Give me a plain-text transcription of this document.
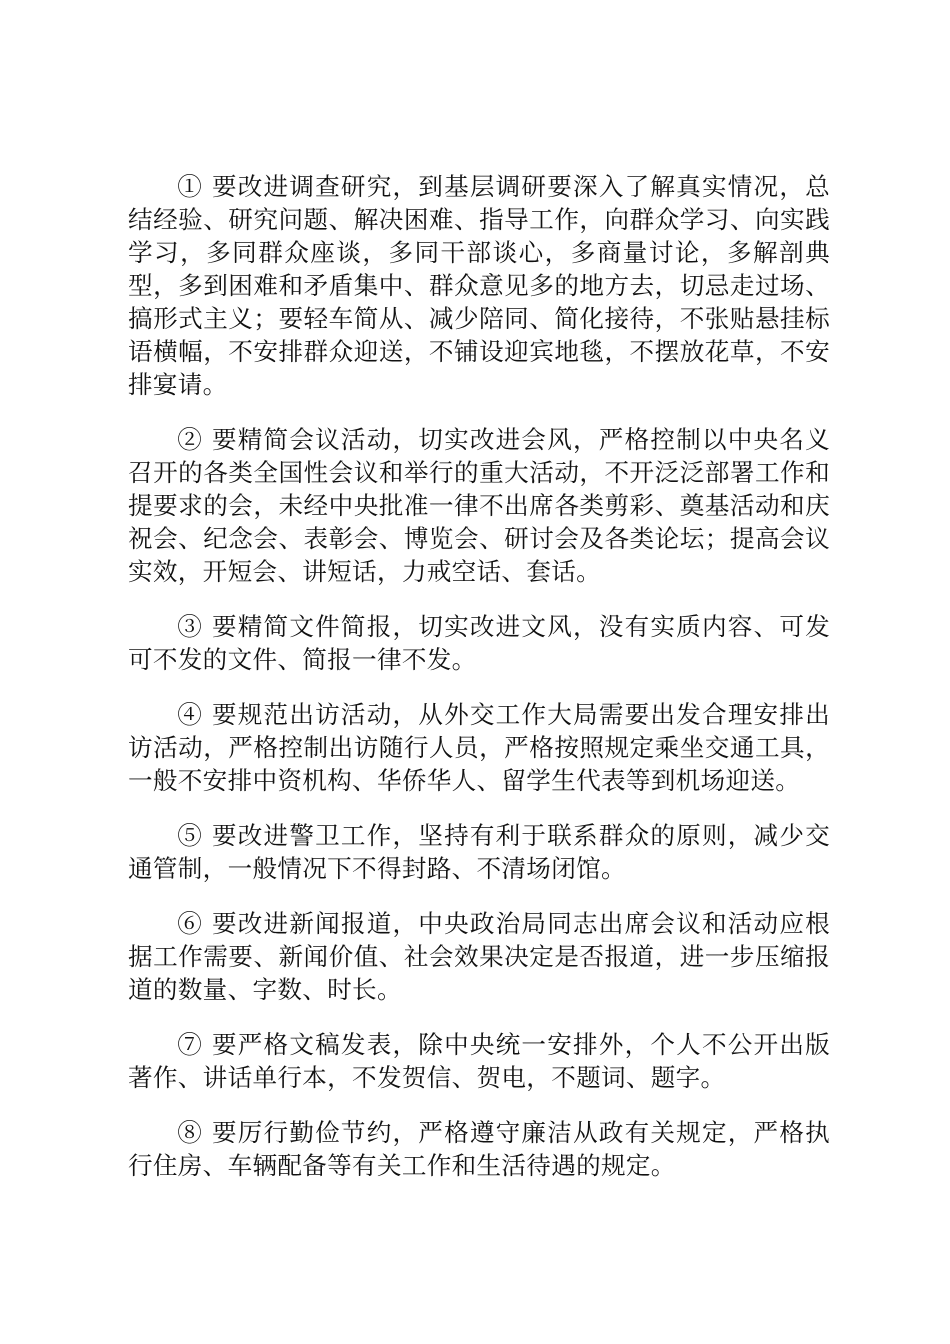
① 要改进调查研究，到基层调研要深入了解真实情况，总结经验、研究问题、解决困难、指导工作，向群众学习、向实践学习，多同群众座谈，多同干部谈心，多商量讨论，多解剖典型，多到困难和矛盾集中、群众意见多的地方去，切忌走过场、搞形式主义；要轻车简从、减少陪同、简化接待，不张贴悬挂标语横幅，不安排群众迎送，不铺设迎宾地毯，不摆放花草，不安排宴请。

② 要精简会议活动，切实改进会风，严格控制以中央名义召开的各类全国性会议和举行的重大活动，不开泛泛部署工作和提要求的会，未经中央批准一律不出席各类剪彩、奠基活动和庆祝会、纪念会、表彰会、博览会、研讨会及各类论坛；提高会议实效，开短会、讲短话，力戒空话、套话。

③ 要精简文件简报，切实改进文风，没有实质内容、可发可不发的文件、简报一律不发。

④ 要规范出访活动，从外交工作大局需要出发合理安排出访活动，严格控制出访随行人员，严格按照规定乘坐交通工具，一般不安排中资机构、华侨华人、留学生代表等到机场迎送。

⑤ 要改进警卫工作，坚持有利于联系群众的原则，减少交通管制，一般情况下不得封路、不清场闭馆。

⑥ 要改进新闻报道，中央政治局同志出席会议和活动应根据工作需要、新闻价值、社会效果决定是否报道，进一步压缩报道的数量、字数、时长。

⑦ 要严格文稿发表，除中央统一安排外，个人不公开出版著作、讲话单行本，不发贺信、贺电，不题词、题字。

⑧ 要厉行勤俭节约，严格遵守廉洁从政有关规定，严格执行住房、车辆配备等有关工作和生活待遇的规定。
